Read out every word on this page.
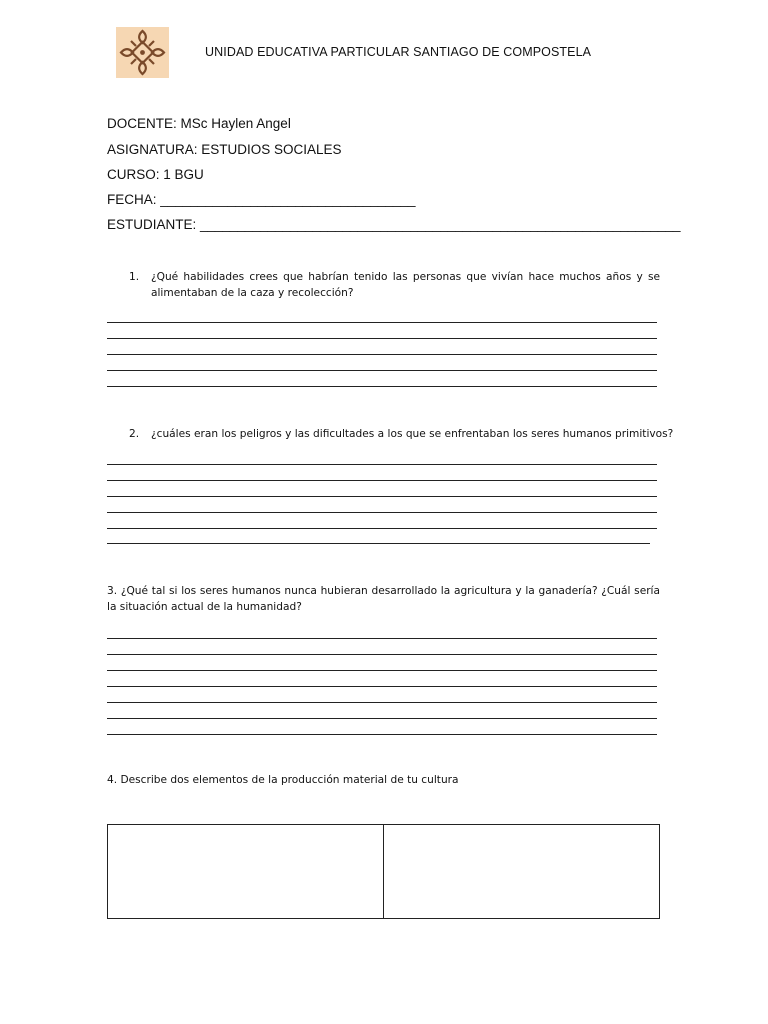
UNIDAD EDUCATIVA PARTICULAR SANTIAGO DE COMPOSTELA
DOCENTE: MSc Haylen Angel
ASIGNATURA: ESTUDIOS SOCIALES
CURSO: 1 BGU
FECHA: __________________________________
ESTUDIANTE: ________________________________________________________________
1. ¿Qué habilidades crees que habrían tenido las personas que vivían hace muchos años y se alimentaban de la caza y recolección?
2. ¿cuáles eran los peligros y las dificultades a los que se enfrentaban los seres humanos primitivos?
3. ¿Qué tal si los seres humanos nunca hubieran desarrollado la agricultura y la ganadería? ¿Cuál sería la situación actual de la humanidad?
4. Describe dos elementos de la producción material de tu cultura
